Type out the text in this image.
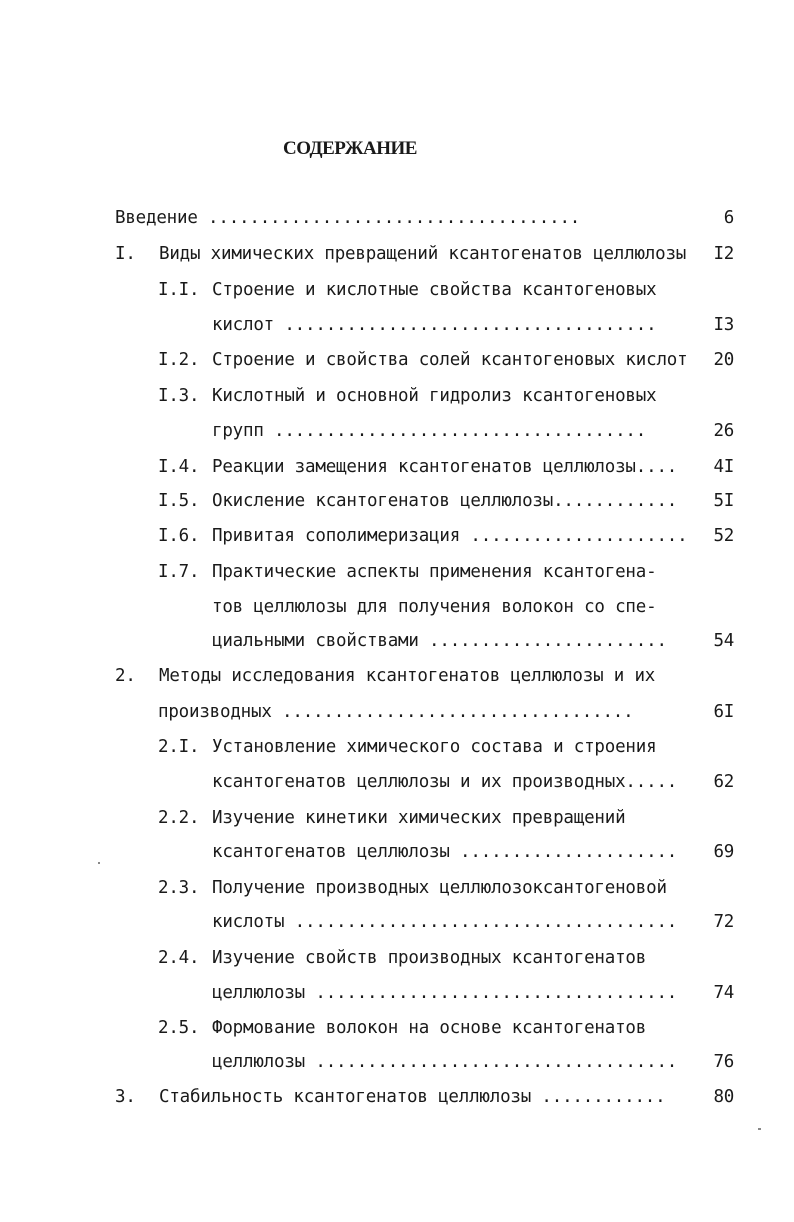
СОДЕРЖАНИЕ
Введение ....................................	6
I. Виды химических превращений ксантогенатов целлюлозы I2
I.I. Строение и кислотные свойства ксантогеновых
кислот ....................................	I3
I.2. Строение и свойства солей ксантогеновых кислот 20
I.3. Кислотный и основной гидролиз ксантогеновых
групп ....................................	26
I.4. Реакции замещения ксантогенатов целлюлозы.... 4I
I.5. Окисление ксантогенатов целлюлозы............ 5I
I.6. Привитая сополимеризация ..................... 52
I.7. Практические аспекты применения ксантогена-
тов целлюлозы для получения волокон со спе-
циальными свойствами .......................	54
2. Методы исследования ксантогенатов целлюлозы и их
производных ..................................	6I
2.I. Установление химического состава и строения
ксантогенатов целлюлозы и их производных..... 62
2.2. Изучение кинетики химических превращений
ксантогенатов целлюлозы ..................... 69
2.3. Получение производных целлюлозоксантогеновой
кислоты ..................................... 72
2.4. Изучение свойств производных ксантогенатов
целлюлозы ................................... 74
2.5. Формование волокон на основе ксантогенатов
целлюлозы ................................... 76
3. Стабильность ксантогенатов целлюлозы ............	80
